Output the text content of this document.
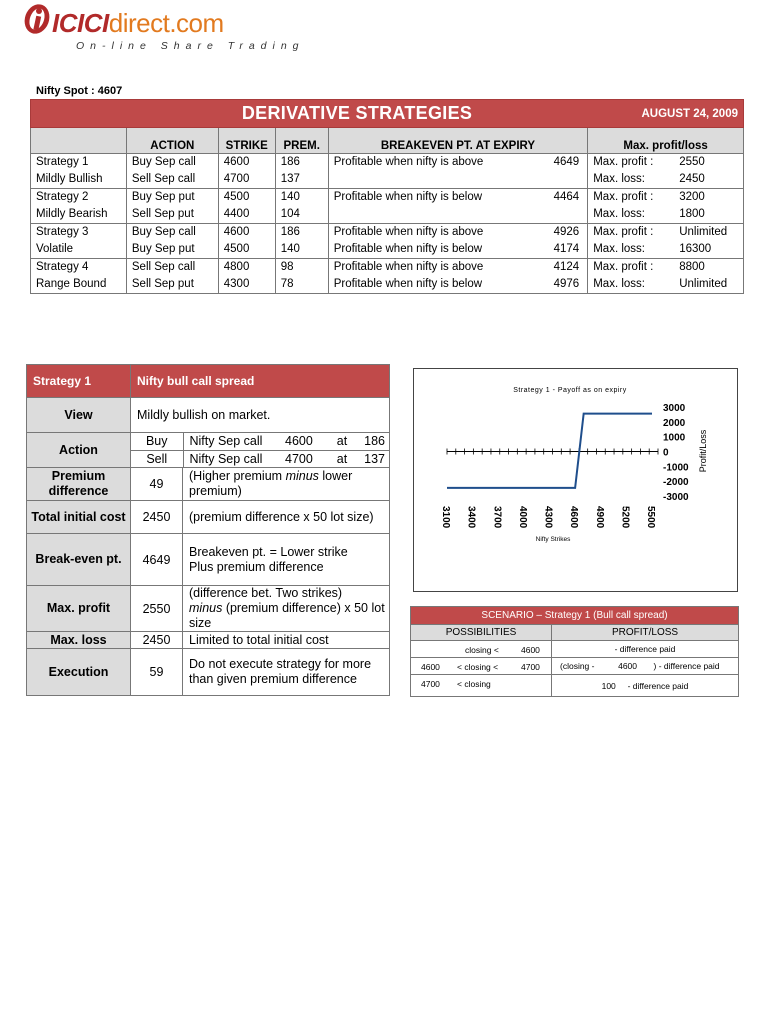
ICICIdirect.com
On-line Share Trading
Nifty Spot : 4607
	DERIVATIVE STRATEGIES				AUGUST 24, 2009
	ACTION	STRIKE	PREM.	BREAKEVEN PT. AT EXPIRY	Max. profit/loss
Strategy 1	Buy Sep call	4600	186	Profitable when nifty is above 4649	Max. profit : 2550

Mildly Bullish	Sell Sep call	4700	137		Max. loss: 2450

Strategy 2	Buy Sep put	4500	140	Profitable when nifty is below 4464	Max. profit : 3200

Mildly Bearish	Sell Sep put	4400	104		Max. loss: 1800

Strategy 3	Buy Sep call	4600	186	Profitable when nifty is above 4926	Max. profit : Unlimited

Volatile	Buy Sep put	4500	140	Profitable when nifty is below 4174	Max. loss: 16300

Strategy 4	Sell Sep call	4800	98	Profitable when nifty is above 4124	Max. profit : 8800

Range Bound	Sell Sep put	4300	78	Profitable when nifty is below 4976	Max. loss: Unlimited
Strategy 1	Nifty bull call spread
View	Mildly bullish on market.
Action	
Buy	Nifty Sep call	4600	at	186
Sell	Nifty Sep call	4700	at	137

Premium difference	49	(Higher premium minus lower premium)
Total initial cost	2450	(premium difference x 50 lot size)
Break-even pt.	4649	
Breakeven pt. = Lower strike
Plus premium difference

Max. profit	2550	(difference bet. Two strikes)
minus (premium difference) x 50 lot size
Max. loss	2450	Limited to total initial cost
Execution	59	Do not execute strategy for more than given premium difference
Strategy 1 - Payoff as on expiry
3000
2000
1000
0
-1000
-2000
-3000
Profit/Loss
3100 3400 3700 4000 4300 4600 4900 5200 5500
Nifty Strikes
SCENARIO – Strategy 1 (Bull call spread)	
POSSIBILITIES	PROFIT/LOSS

closing < 4600	- difference paid

4600 < closing < 4700	(closing -          4600       ) - difference paid

4700 < closing	100     - difference paid
